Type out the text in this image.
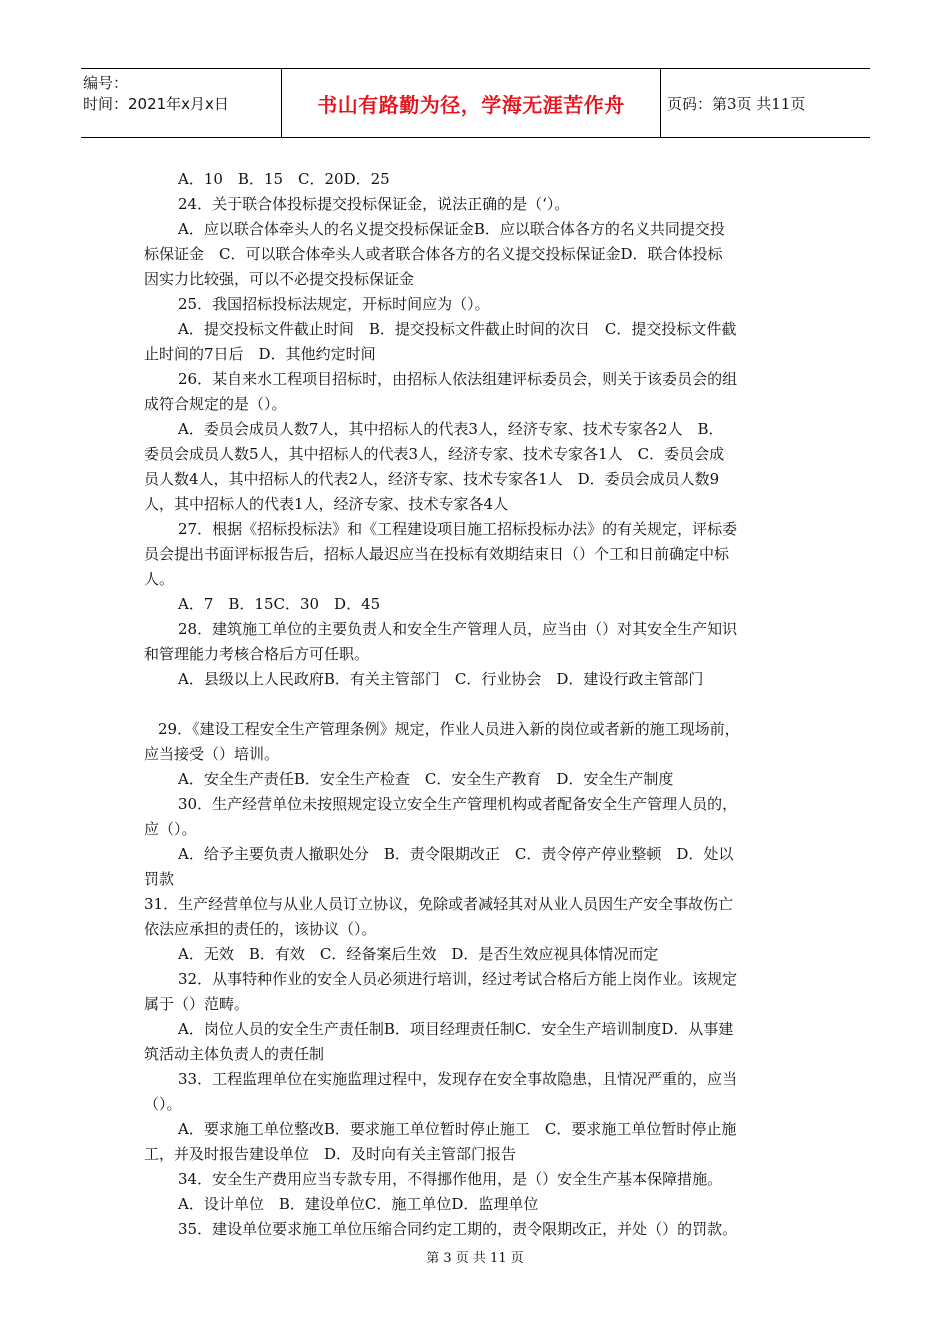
编号：
时间：2021年x月x日	书山有路勤为径，学海无涯苦作舟	页码：第3页 共11页
A．10　B．15　C．20D．25
24．关于联合体投标提交投标保证金，说法正确的是（‘）。
A．应以联合体牵头人的名义提交投标保证金B．应以联合体各方的名义共同提交投
标保证金　C．可以联合体牵头人或者联合体各方的名义提交投标保证金D．联合体投标
因实力比较强，可以不必提交投标保证金
25．我国招标投标法规定，开标时间应为（）。
A．提交投标文件截止时间　B．提交投标文件截止时间的次日　C．提交投标文件截
止时间的7日后　D．其他约定时间
26．某自来水工程项目招标时，由招标人依法组建评标委员会，则关于该委员会的组
成符合规定的是（）。
A．委员会成员人数7人，其中招标人的代表3人，经济专家、技术专家各2人　B．
委员会成员人数5人，其中招标人的代表3人，经济专家、技术专家各1人　C．委员会成
员人数4人，其中招标人的代表2人，经济专家、技术专家各1人　D．委员会成员人数9
人，其中招标人的代表1人，经济专家、技术专家各4人
27．根据《招标投标法》和《工程建设项目施工招标投标办法》的有关规定，评标委
员会提出书面评标报告后，招标人最迟应当在投标有效期结束日（）个工和日前确定中标
人。
A．7　B．15C．30　D．45
28．建筑施工单位的主要负责人和安全生产管理人员，应当由（）对其安全生产知识
和管理能力考核合格后方可任职。
A．县级以上人民政府B．有关主管部门　C．行业协会　D．建设行政主管部门
29．《建设工程安全生产管理条例》规定，作业人员进入新的岗位或者新的施工现场前，
应当接受（）培训。
A．安全生产责任B．安全生产检查　C．安全生产教育　D．安全生产制度
30．生产经营单位未按照规定设立安全生产管理机构或者配备安全生产管理人员的，
应（）。
A．给予主要负责人撤职处分　B．责令限期改正　C．责令停产停业整顿　D．处以
罚款
31．生产经营单位与从业人员订立协议，免除或者减轻其对从业人员因生产安全事故伤亡
依法应承担的责任的，该协议（）。
A．无效　B．有效　C．经备案后生效　D．是否生效应视具体情况而定
32．从事特种作业的安全人员必须进行培训，经过考试合格后方能上岗作业。该规定
属于（）范畴。
A．岗位人员的安全生产责任制B．项目经理责任制C．安全生产培训制度D．从事建
筑活动主体负责人的责任制
33．工程监理单位在实施监理过程中，发现存在安全事故隐患，且情况严重的，应当
（）。
A．要求施工单位整改B．要求施工单位暂时停止施工　C．要求施工单位暂时停止施
工，并及时报告建设单位　D．及时向有关主管部门报告
34．安全生产费用应当专款专用，不得挪作他用，是（）安全生产基本保障措施。
A．设计单位　B．建设单位C．施工单位D．监理单位
35．建设单位要求施工单位压缩合同约定工期的，责令限期改正，并处（）的罚款。
第 3 页 共 11 页
